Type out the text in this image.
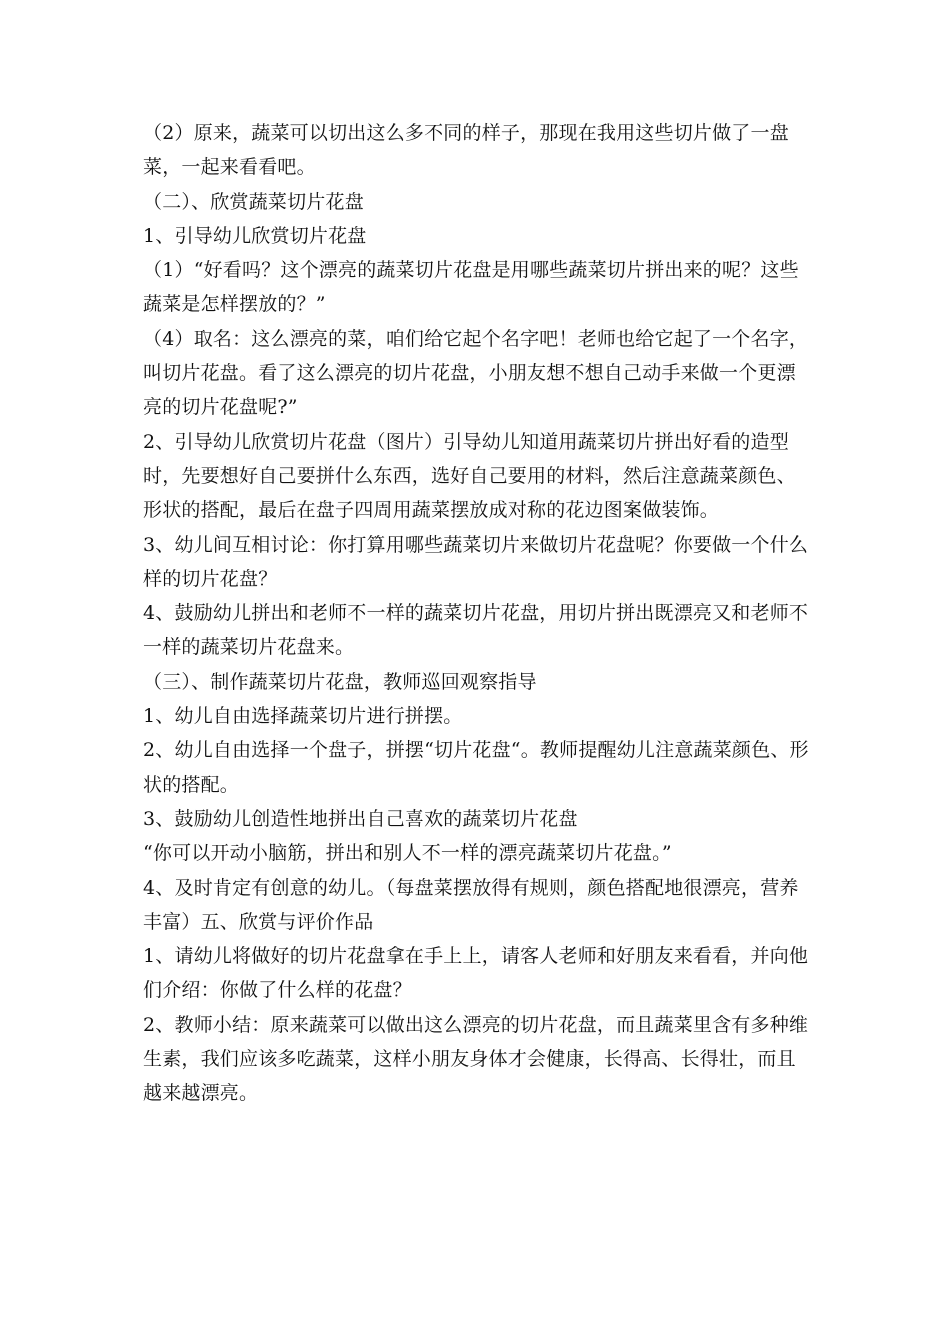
（2）原来，蔬菜可以切出这么多不同的样子，那现在我用这些切片做了一盘菜，一起来看看吧。

（二）、欣赏蔬菜切片花盘

1、引导幼儿欣赏切片花盘

（1）“好看吗？这个漂亮的蔬菜切片花盘是用哪些蔬菜切片拼出来的呢？这些蔬菜是怎样摆放的？”

（4）取名：这么漂亮的菜，咱们给它起个名字吧！老师也给它起了一个名字，叫切片花盘。看了这么漂亮的切片花盘，小朋友想不想自己动手来做一个更漂亮的切片花盘呢?”

2、引导幼儿欣赏切片花盘（图片）引导幼儿知道用蔬菜切片拼出好看的造型时，先要想好自己要拼什么东西，选好自己要用的材料，然后注意蔬菜颜色、形状的搭配，最后在盘子四周用蔬菜摆放成对称的花边图案做装饰。

3、幼儿间互相讨论：你打算用哪些蔬菜切片来做切片花盘呢？你要做一个什么样的切片花盘？

4、鼓励幼儿拼出和老师不一样的蔬菜切片花盘，用切片拼出既漂亮又和老师不一样的蔬菜切片花盘来。

（三）、制作蔬菜切片花盘，教师巡回观察指导

1、幼儿自由选择蔬菜切片进行拼摆。

2、幼儿自由选择一个盘子，拼摆“切片花盘“。教师提醒幼儿注意蔬菜颜色、形状的搭配。

3、鼓励幼儿创造性地拼出自己喜欢的蔬菜切片花盘

“你可以开动小脑筋，拼出和别人不一样的漂亮蔬菜切片花盘。”

4、及时肯定有创意的幼儿。（每盘菜摆放得有规则，颜色搭配地很漂亮，营养丰富）五、欣赏与评价作品

1、请幼儿将做好的切片花盘拿在手上上，请客人老师和好朋友来看看，并向他们介绍：你做了什么样的花盘？

2、教师小结：原来蔬菜可以做出这么漂亮的切片花盘，而且蔬菜里含有多种维生素，我们应该多吃蔬菜，这样小朋友身体才会健康，长得高、长得壮，而且越来越漂亮。
